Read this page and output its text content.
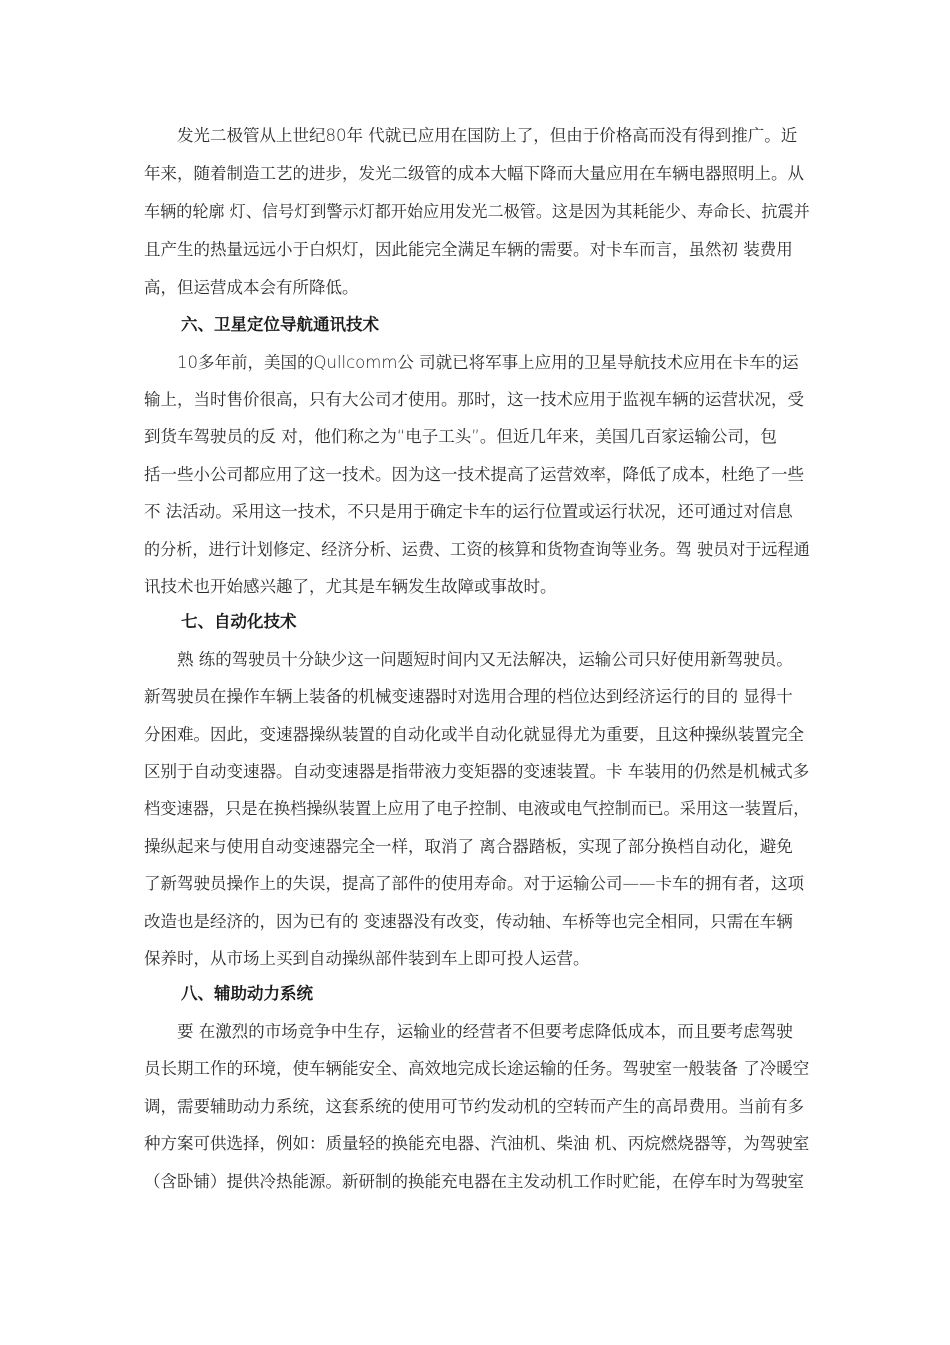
发光二极管从上世纪80年 代就已应用在国防上了，但由于价格高而没有得到推广。近
年来，随着制造工艺的进步，发光二级管的成本大幅下降而大量应用在车辆电器照明上。从
车辆的轮廓 灯、信号灯到警示灯都开始应用发光二极管。这是因为其耗能少、寿命长、抗震并
且产生的热量远远小于白炽灯，因此能完全满足车辆的需要。对卡车而言，虽然初 装费用
高，但运营成本会有所降低。
六、卫星定位导航通讯技术
10多年前，美国的Qullcomm公 司就已将军事上应用的卫星导航技术应用在卡车的运
输上，当时售价很高，只有大公司才使用。那时，这一技术应用于监视车辆的运营状况，受
到货车驾驶员的反 对，他们称之为“电子工头”。但近几年来，美国几百家运输公司，包
括一些小公司都应用了这一技术。因为这一技术提高了运营效率，降低了成本，杜绝了一些
不 法活动。采用这一技术，不只是用于确定卡车的运行位置或运行状况，还可通过对信息
的分析，进行计划修定、经济分析、运费、工资的核算和货物查询等业务。驾 驶员对于远程通
讯技术也开始感兴趣了，尤其是车辆发生故障或事故时。
七、自动化技术
熟 练的驾驶员十分缺少这一问题短时间内又无法解决，运输公司只好使用新驾驶员。
新驾驶员在操作车辆上装备的机械变速器时对选用合理的档位达到经济运行的目的 显得十
分困难。因此，变速器操纵装置的自动化或半自动化就显得尤为重要，且这种操纵装置完全
区别于自动变速器。自动变速器是指带液力变矩器的变速装置。卡 车装用的仍然是机械式多
档变速器，只是在换档操纵装置上应用了电子控制、电液或电气控制而已。采用这一装置后，
操纵起来与使用自动变速器完全一样，取消了 离合器踏板，实现了部分换档自动化，避免
了新驾驶员操作上的失误，提高了部件的使用寿命。对于运输公司——卡车的拥有者，这项
改造也是经济的，因为已有的 变速器没有改变，传动轴、车桥等也完全相同，只需在车辆
保养时，从市场上买到自动操纵部件装到车上即可投人运营。
八、辅助动力系统
要 在激烈的市场竞争中生存，运输业的经营者不但要考虑降低成本，而且要考虑驾驶
员长期工作的环境，使车辆能安全、高效地完成长途运输的任务。驾驶室一般装备 了冷暖空
调，需要辅助动力系统，这套系统的使用可节约发动机的空转而产生的高昂费用。当前有多
种方案可供选择，例如：质量轻的换能充电器、汽油机、柴油 机、丙烷燃烧器等，为驾驶室
（含卧铺）提供冷热能源。新研制的换能充电器在主发动机工作时贮能，在停车时为驾驶室
